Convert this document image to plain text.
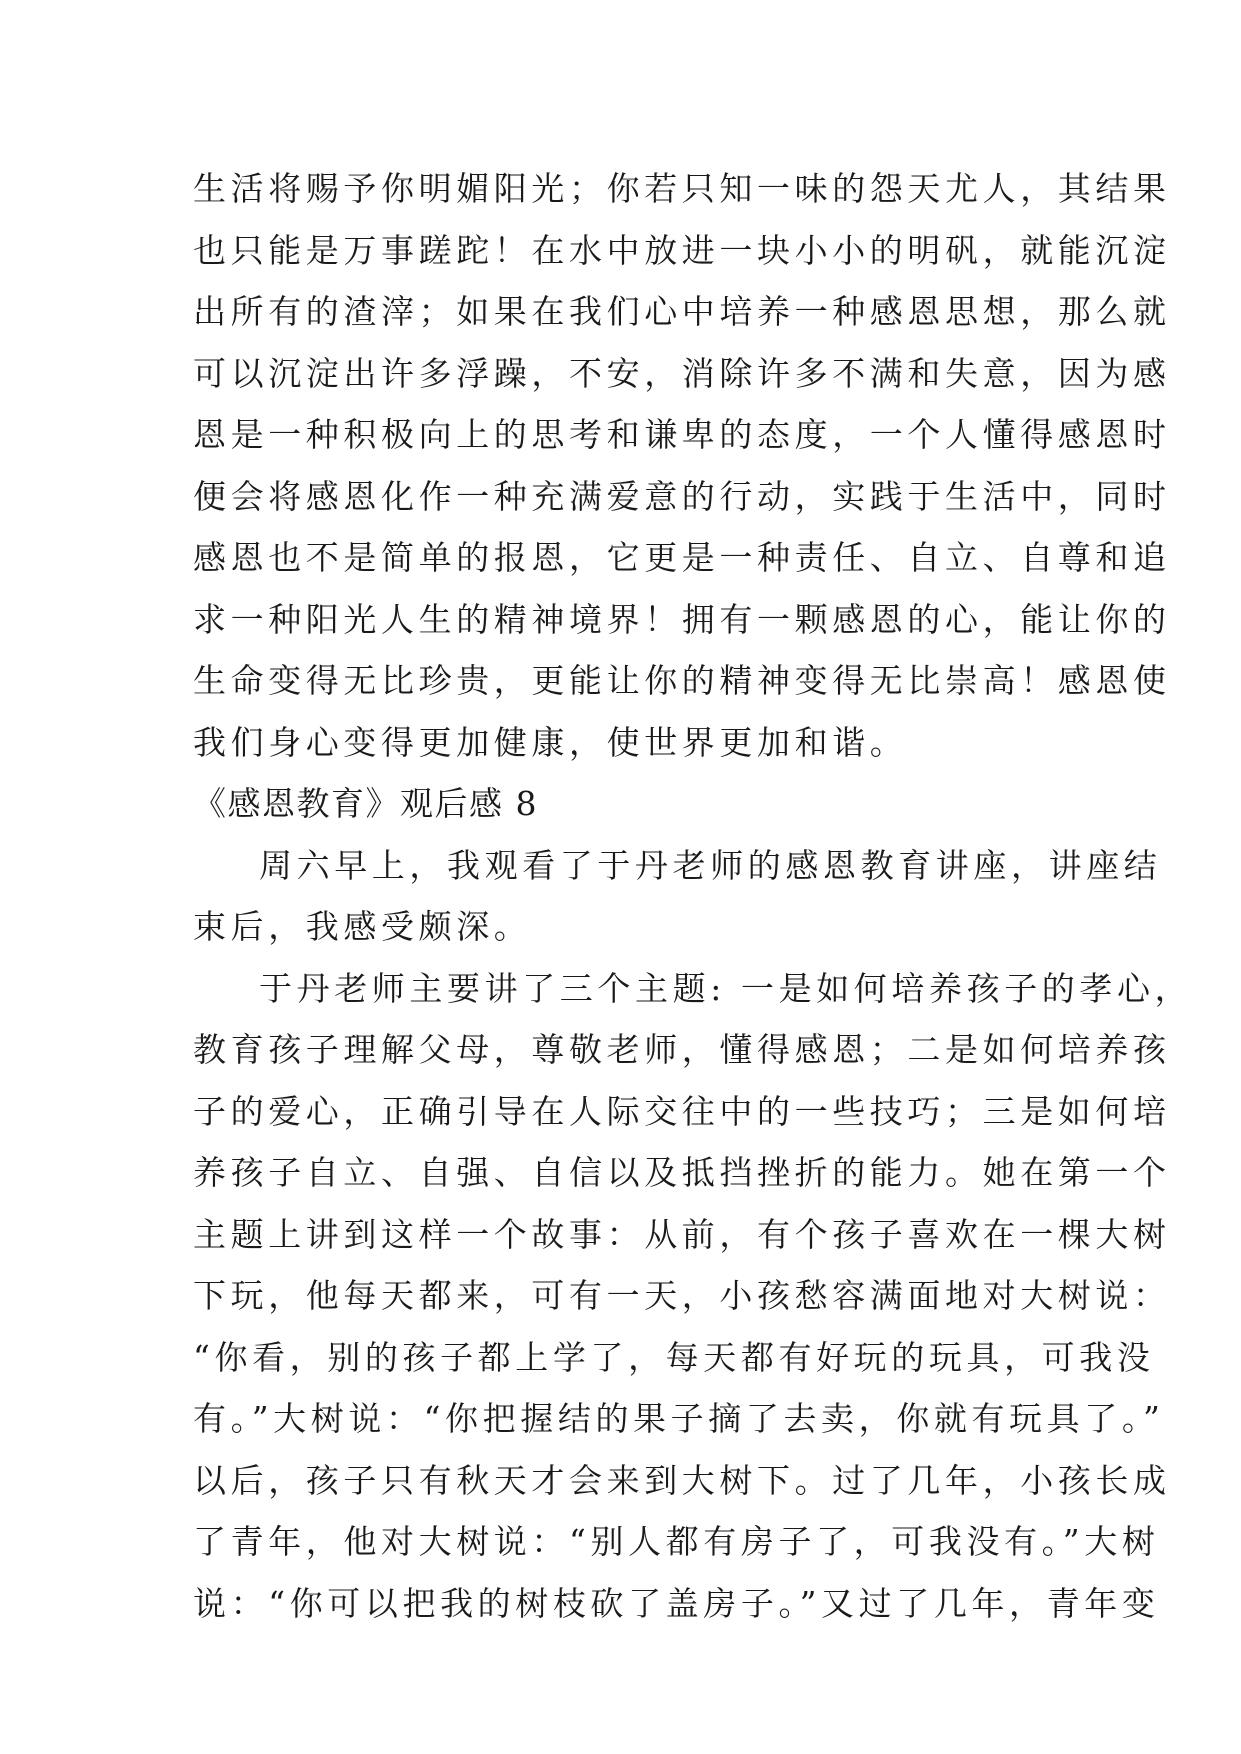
生活将赐予你明媚阳光；你若只知一味的怨天尤人，其结果
也只能是万事蹉跎！在水中放进一块小小的明矾，就能沉淀
出所有的渣滓；如果在我们心中培养一种感恩思想，那么就
可以沉淀出许多浮躁，不安，消除许多不满和失意，因为感
恩是一种积极向上的思考和谦卑的态度，一个人懂得感恩时
便会将感恩化作一种充满爱意的行动，实践于生活中，同时
感恩也不是简单的报恩，它更是一种责任、自立、自尊和追
求一种阳光人生的精神境界！拥有一颗感恩的心，能让你的
生命变得无比珍贵，更能让你的精神变得无比崇高！感恩使
我们身心变得更加健康，使世界更加和谐。
《感恩教育》观后感 8
周六早上，我观看了于丹老师的感恩教育讲座，讲座结
束后，我感受颇深。
于丹老师主要讲了三个主题: 一是如何培养孩子的孝心，
教育孩子理解父母，尊敬老师，懂得感恩；二是如何培养孩
子的爱心，正确引导在人际交往中的一些技巧；三是如何培
养孩子自立、自强、自信以及抵挡挫折的能力。她在第一个
主题上讲到这样一个故事：从前，有个孩子喜欢在一棵大树
下玩，他每天都来，可有一天，小孩愁容满面地对大树说：
“你看，别的孩子都上学了，每天都有好玩的玩具，可我没
有。”大树说：“你把握结的果子摘了去卖，你就有玩具了。”
以后，孩子只有秋天才会来到大树下。过了几年，小孩长成
了青年，他对大树说：“别人都有房子了，可我没有。”大树
说：“你可以把我的树枝砍了盖房子。”又过了几年，青年变
